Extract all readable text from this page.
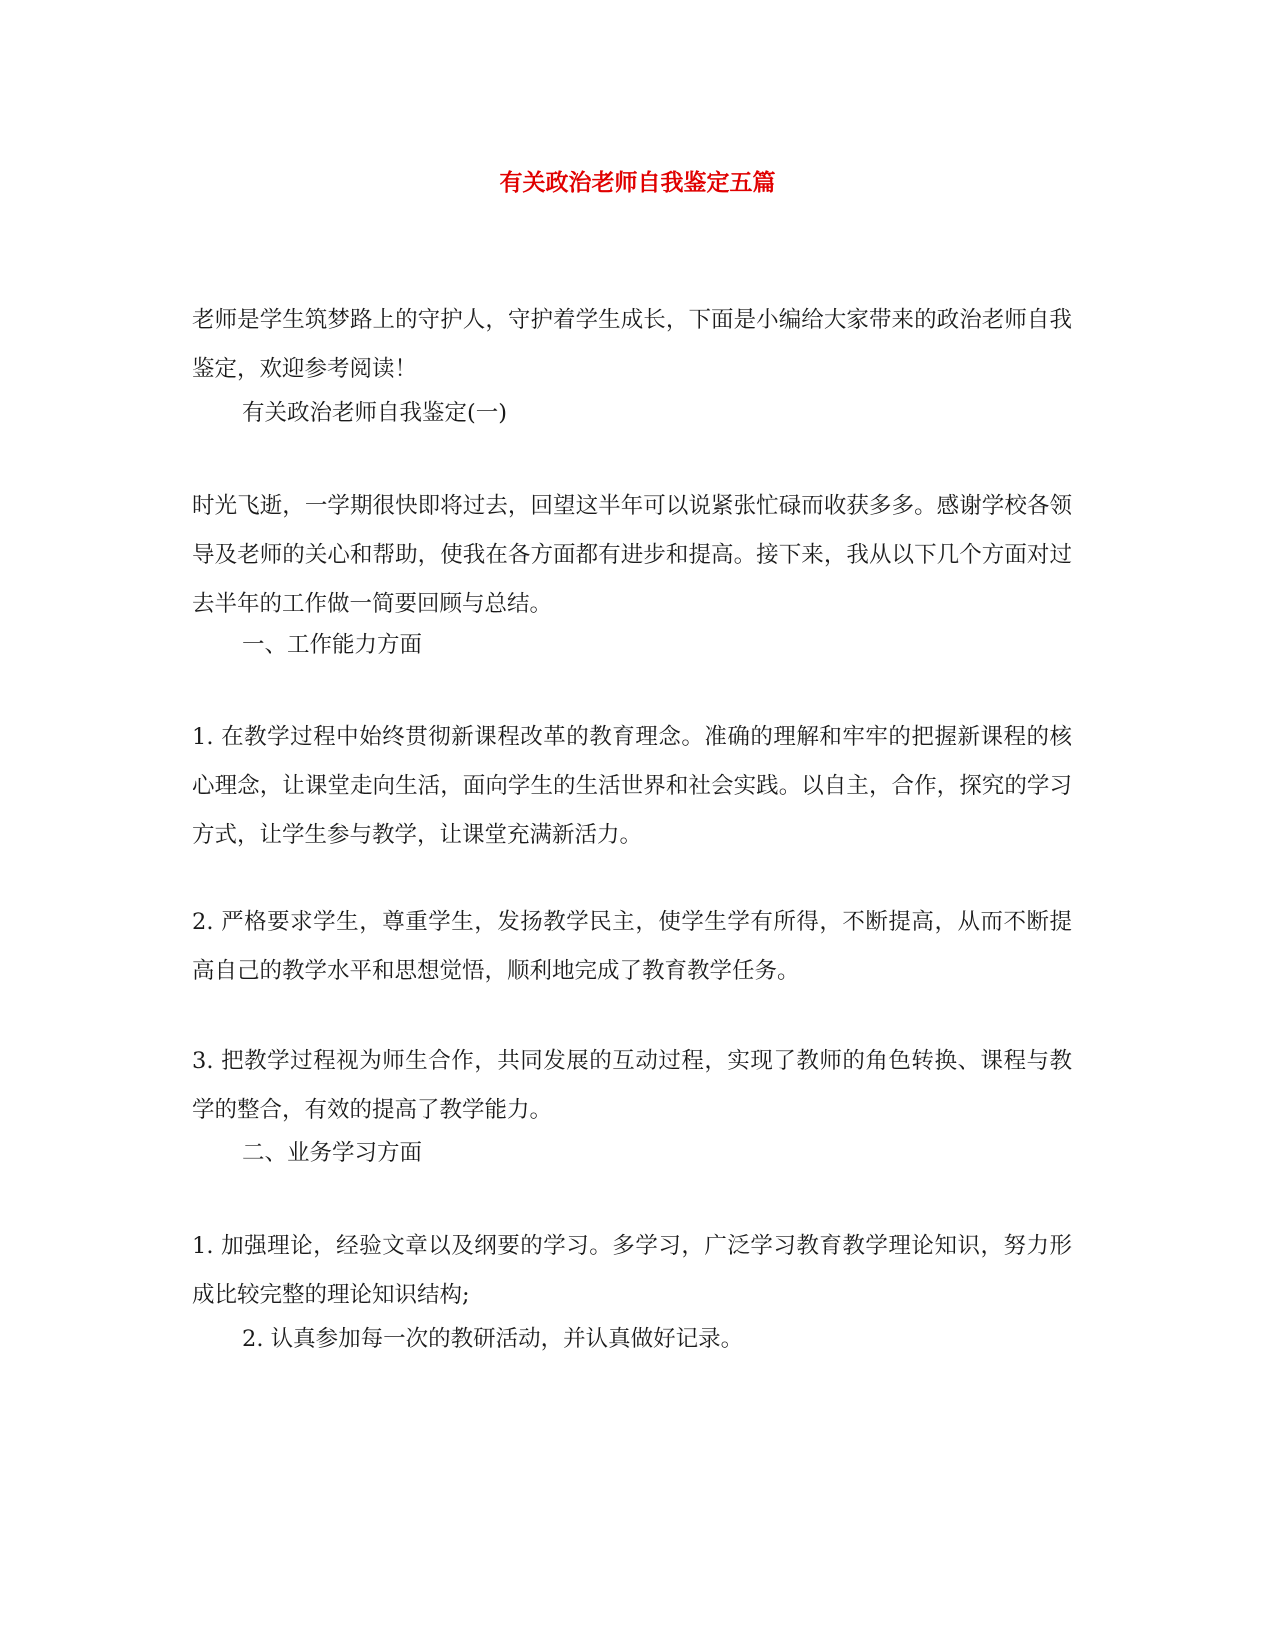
有关政治老师自我鉴定五篇

老师是学生筑梦路上的守护人，守护着学生成长，下面是小编给大家带来的政治老师自我鉴定，欢迎参考阅读！

有关政治老师自我鉴定(一)

时光飞逝，一学期很快即将过去，回望这半年可以说紧张忙碌而收获多多。感谢学校各领导及老师的关心和帮助，使我在各方面都有进步和提高。接下来，我从以下几个方面对过去半年的工作做一简要回顾与总结。

一、工作能力方面

1. 在教学过程中始终贯彻新课程改革的教育理念。准确的理解和牢牢的把握新课程的核心理念，让课堂走向生活，面向学生的生活世界和社会实践。以自主，合作，探究的学习方式，让学生参与教学，让课堂充满新活力。

2. 严格要求学生，尊重学生，发扬教学民主，使学生学有所得，不断提高，从而不断提高自己的教学水平和思想觉悟，顺利地完成了教育教学任务。

3. 把教学过程视为师生合作，共同发展的互动过程，实现了教师的角色转换、课程与教学的整合，有效的提高了教学能力。

二、业务学习方面

1. 加强理论，经验文章以及纲要的学习。多学习，广泛学习教育教学理论知识，努力形成比较完整的理论知识结构;

2. 认真参加每一次的教研活动，并认真做好记录。
